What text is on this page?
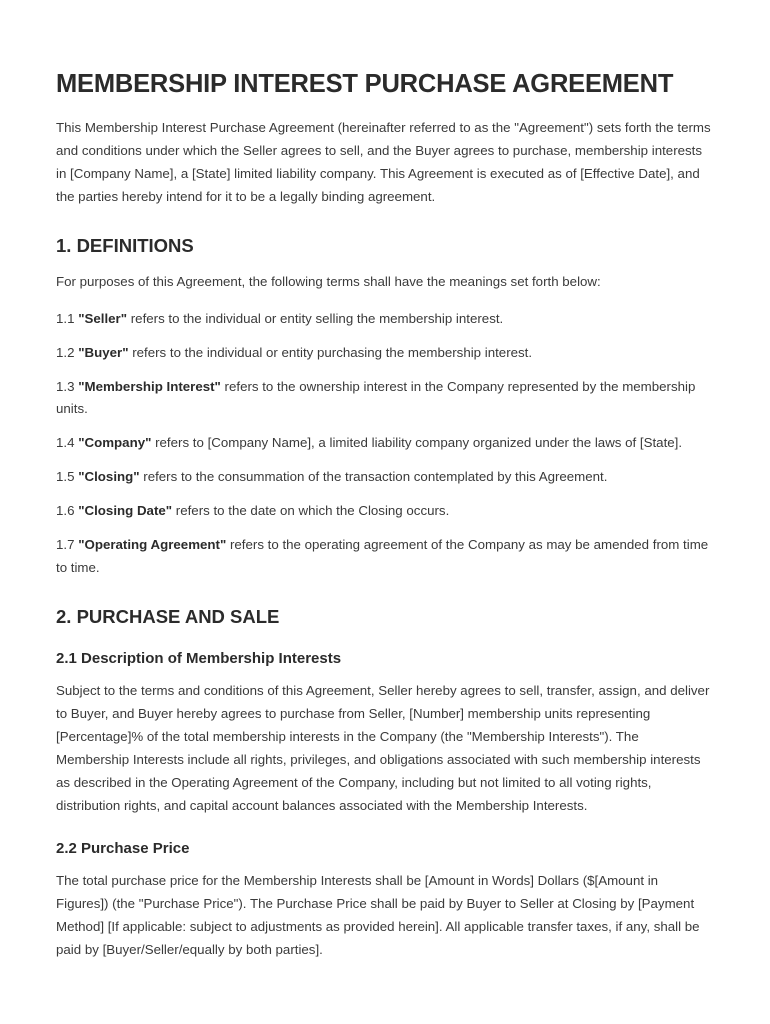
MEMBERSHIP INTEREST PURCHASE AGREEMENT

This Membership Interest Purchase Agreement (hereinafter referred to as the "Agreement") sets forth the terms and conditions under which the Seller agrees to sell, and the Buyer agrees to purchase, membership interests in [Company Name], a [State] limited liability company. This Agreement is executed as of [Effective Date], and the parties hereby intend for it to be a legally binding agreement.

1. DEFINITIONS

For purposes of this Agreement, the following terms shall have the meanings set forth below:

1.1 "Seller" refers to the individual or entity selling the membership interest.

1.2 "Buyer" refers to the individual or entity purchasing the membership interest.

1.3 "Membership Interest" refers to the ownership interest in the Company represented by the membership units.

1.4 "Company" refers to [Company Name], a limited liability company organized under the laws of [State].

1.5 "Closing" refers to the consummation of the transaction contemplated by this Agreement.

1.6 "Closing Date" refers to the date on which the Closing occurs.

1.7 "Operating Agreement" refers to the operating agreement of the Company as may be amended from time to time.

2. PURCHASE AND SALE
2.1 Description of Membership Interests

Subject to the terms and conditions of this Agreement, Seller hereby agrees to sell, transfer, assign, and deliver to Buyer, and Buyer hereby agrees to purchase from Seller, [Number] membership units representing [Percentage]% of the total membership interests in the Company (the "Membership Interests"). The Membership Interests include all rights, privileges, and obligations associated with such membership interests as described in the Operating Agreement of the Company, including but not limited to all voting rights, distribution rights, and capital account balances associated with the Membership Interests.

2.2 Purchase Price

The total purchase price for the Membership Interests shall be [Amount in Words] Dollars ($[Amount in Figures]) (the "Purchase Price"). The Purchase Price shall be paid by Buyer to Seller at Closing by [Payment Method] [If applicable: subject to adjustments as provided herein]. All applicable transfer taxes, if any, shall be paid by [Buyer/Seller/equally by both parties].
